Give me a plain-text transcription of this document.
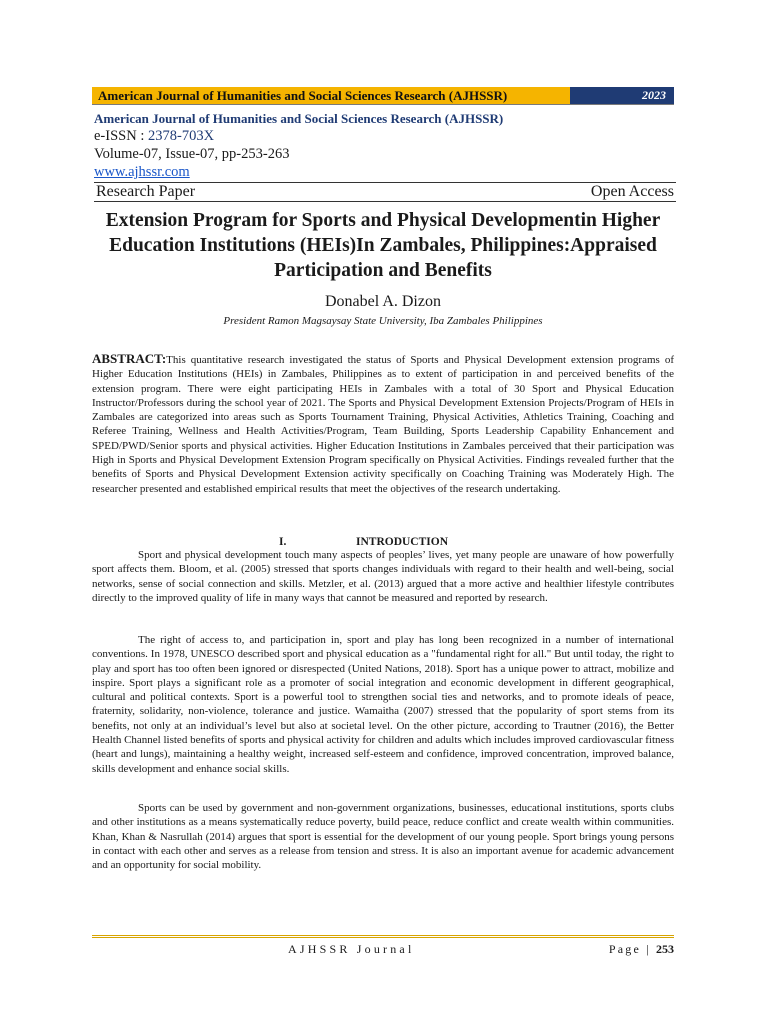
American Journal of Humanities and Social Sciences Research (AJHSSR)	2023
American Journal of Humanities and Social Sciences Research (AJHSSR)
e-ISSN : 2378-703X
Volume-07, Issue-07, pp-253-263
www.ajhssr.com
Research Paper	Open Access
Extension Program for Sports and Physical Developmentin Higher Education Institutions (HEIs)In Zambales, Philippines:Appraised Participation and Benefits
Donabel A. Dizon
President Ramon Magsaysay State University, Iba Zambales Philippines
ABSTRACT:This quantitative research investigated the status of Sports and Physical Development extension programs of Higher Education Institutions (HEIs) in Zambales, Philippines as to extent of participation in and perceived benefits of the extension program. There were eight participating HEIs in Zambales with a total of 30 Sport and Physical Education Instructor/Professors during the school year of 2021. The Sports and Physical Development Extension Projects/Program of HEIs in Zambales are categorized into areas such as Sports Tournament Training, Physical Activities, Athletics Training, Coaching and Referee Training, Wellness and Health Activities/Program, Team Building, Sports Leadership Capability Enhancement and SPED/PWD/Senior sports and physical activities. Higher Education Institutions in Zambales perceived that their participation was High in Sports and Physical Development Extension Program specifically on Physical Activities. Findings revealed further that the benefits of Sports and Physical Development Extension activity specifically on Coaching Training was Moderately High. The researcher presented and established empirical results that meet the objectives of the research undertaking.
I.	INTRODUCTION

Sport and physical development touch many aspects of peoples’ lives, yet many people are unaware of how powerfully sport affects them. Bloom, et al. (2005) stressed that sports changes individuals with regard to their health and well-being, social networks, sense of social connection and skills. Metzler, et al. (2013) argued that a more active and healthier lifestyle contributes directly to the improved quality of life in many ways that cannot be measured and reported by research.

The right of access to, and participation in, sport and play has long been recognized in a number of international conventions. In 1978, UNESCO described sport and physical education as a "fundamental right for all." But until today, the right to play and sport has too often been ignored or disrespected (United Nations, 2018). Sport has a unique power to attract, mobilize and inspire. Sport plays a significant role as a promoter of social integration and economic development in different geographical, cultural and political contexts. Sport is a powerful tool to strengthen social ties and networks, and to promote ideals of peace, fraternity, solidarity, non-violence, tolerance and justice. Wamaitha (2007) stressed that the popularity of sport stems from its benefits, not only at an individual’s level but also at societal level. On the other picture, according to Trautner (2016), the Better Health Channel listed benefits of sports and physical activity for children and adults which includes improved cardiovascular fitness (heart and lungs), maintaining a healthy weight, increased self-esteem and confidence, improved concentration, improved balance, skills development and enhance social skills.

Sports can be used by government and non-government organizations, businesses, educational institutions, sports clubs and other institutions as a means systematically reduce poverty, build peace, reduce conflict and create wealth within communities. Khan, Khan & Nasrullah (2014) argues that sport is essential for the development of our young people. Sport brings young persons in contact with each other and serves as a release from tension and stress. It is also an important avenue for academic advancement and an opportunity for social mobility.

AJHSSR Journal	Page | 253
